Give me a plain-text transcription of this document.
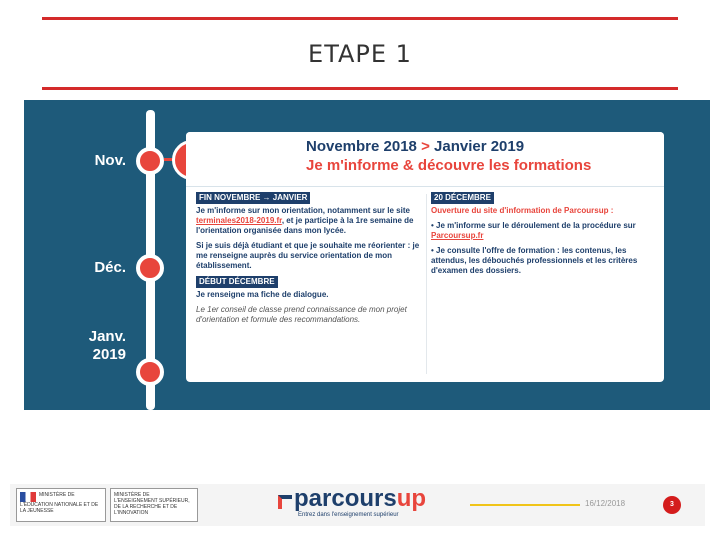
ETAPE 1
Nov.
Déc.
Janv. 2019
Novembre 2018 > Janvier 2019
Je m'informe & découvre les formations
FIN NOVEMBRE → JANVIER
Je m'informe sur mon orientation, notamment sur le site terminales2018-2019.fr, et je participe à la 1re semaine de l'orientation organisée dans mon lycée.
Si je suis déjà étudiant et que je souhaite me réorienter : je me renseigne auprès du service orientation de mon établissement.
DÉBUT DÉCEMBRE
Je renseigne ma fiche de dialogue.
Le 1er conseil de classe prend connaissance de mon projet d'orientation et formule des recommandations.
20 DÉCEMBRE
Ouverture du site d'information de Parcoursup :
• Je m'informe sur le déroulement de la procédure sur Parcoursup.fr
• Je consulte l'offre de formation : les contenus, les attendus, les débouchés professionnels et les critères d'examen des dossiers.
MINISTÈRE DE L'ÉDUCATION NATIONALE ET DE LA JEUNESSE
MINISTÈRE DE L'ENSEIGNEMENT SUPÉRIEUR, DE LA RECHERCHE ET DE L'INNOVATION
parcoursup
Entrez dans l'enseignement supérieur
16/12/2018	3
